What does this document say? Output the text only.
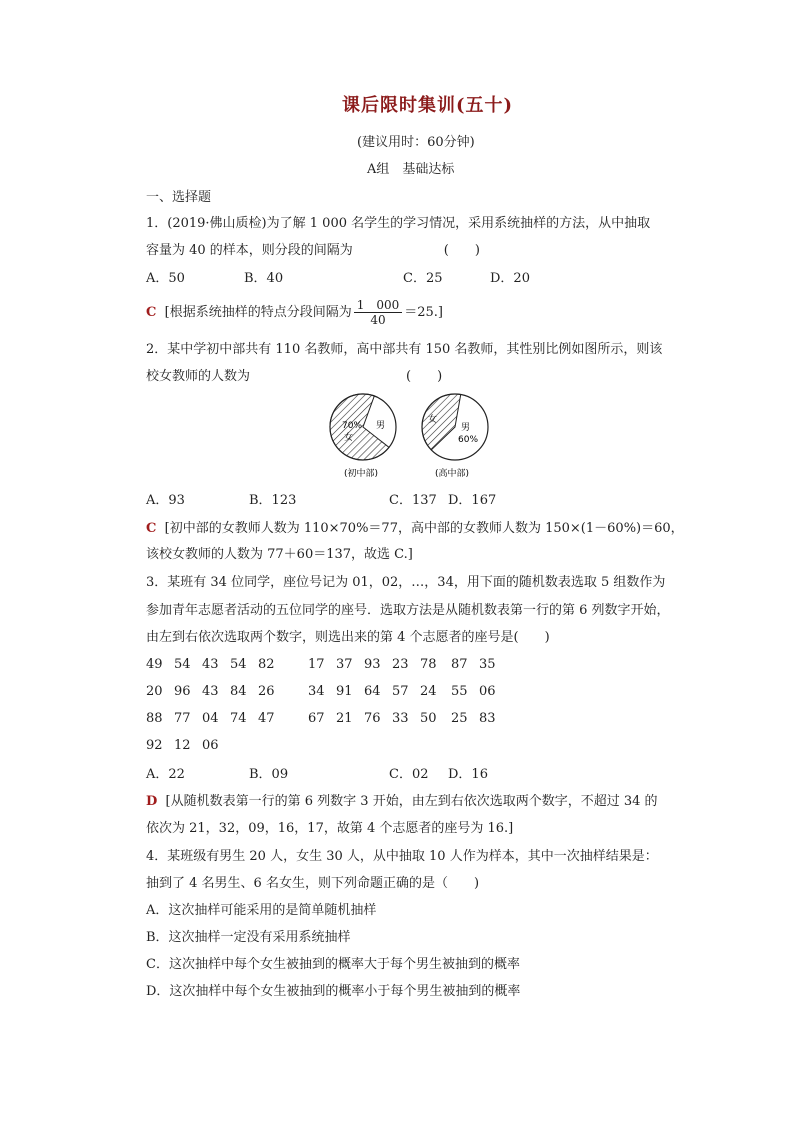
课后限时集训(五十)
(建议用时：60分钟)
A组　基础达标
一、选择题
1．(2019·佛山质检)为了解 1 000 名学生的学习情况，采用系统抽样的方法，从中抽取
容量为 40 的样本，则分段的间隔为　　　　　　　(　　)
A．50	B．40	C．25	D．20
C [根据系统抽样的特点分段间隔为 $\frac{1 000}{40} =25$.]
2．某中学初中部共有 110 名教师，高中部共有 150 名教师，其性别比例如图所示，则该
校女教师的人数为　　　　　　　　　　　　(　　)
70%
女
男
(初中部)
女
男
60%
(高中部)
A．93	B．123	C．137 D．167
C [初中部的女教师人数为 110×70%＝77，高中部的女教师人数为 150×(1－60%)＝60，
该校女教师的人数为 77＋60＝137，故选 C.]
3．某班有 34 位同学，座位号记为 01，02，…，34，用下面的随机数表选取 5 组数作为
参加青年志愿者活动的五位同学的座号．选取方法是从随机数表第一行的第 6 列数字开始，
由左到右依次选取两个数字，则选出来的第 4 个志愿者的座号是(　　)
49 54 43 54 82	17 37 93 23 78 87 35
20 96 43 84 26	34 91 64 57 24 55 06
88 77 04 74 47	67 21 76 33 50 25 83
92 12 06
A．22	B．09	C．02 D．16
D [从随机数表第一行的第 6 列数字 3 开始，由左到右依次选取两个数字，不超过 34 的
依次为 21，32，09，16，17，故第 4 个志愿者的座号为 16.]
4．某班级有男生 20 人，女生 30 人，从中抽取 10 人作为样本，其中一次抽样结果是：
抽到了 4 名男生、6 名女生，则下列命题正确的是（　　)
A．这次抽样可能采用的是简单随机抽样
B．这次抽样一定没有采用系统抽样
C．这次抽样中每个女生被抽到的概率大于每个男生被抽到的概率
D．这次抽样中每个女生被抽到的概率小于每个男生被抽到的概率
